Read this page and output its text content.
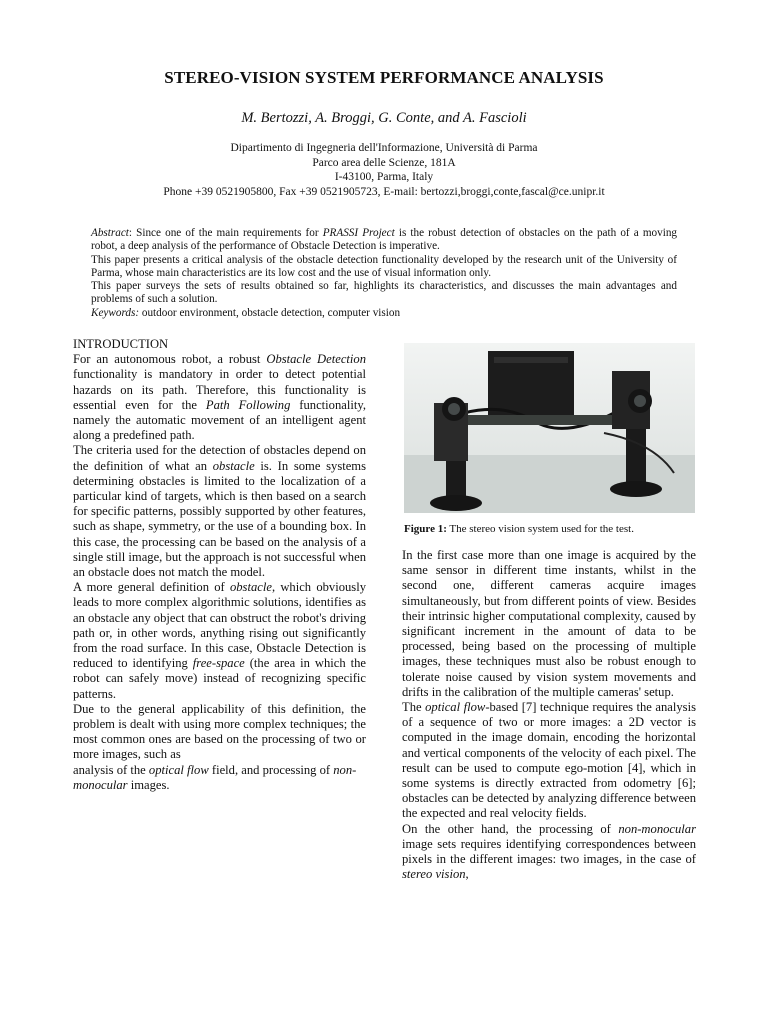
STEREO-VISION SYSTEM PERFORMANCE ANALYSIS
M. Bertozzi, A. Broggi, G. Conte, and A. Fascioli
Dipartimento di Ingegneria dell'Informazione, Università di Parma
Parco area delle Scienze, 181A
I-43100, Parma, Italy
Phone +39 0521905800, Fax +39 0521905723, E-mail: bertozzi,broggi,conte,fascal@ce.unipr.it

Abstract: Since one of the main requirements for PRASSI Project is the robust detection of obstacles on the path of a moving robot, a deep analysis of the performance of Obstacle Detection is imperative.

This paper presents a critical analysis of the obstacle detection functionality developed by the research unit of the University of Parma, whose main characteristics are its low cost and the use of visual information only.

This paper surveys the sets of results obtained so far, highlights its characteristics, and discusses the main advantages and problems of such a solution.

Keywords: outdoor environment, obstacle detection, computer vision

INTRODUCTION

For an autonomous robot, a robust Obstacle Detection functionality is mandatory in order to detect potential hazards on its path. Therefore, this functionality is essential even for the Path Following functionality, namely the automatic movement of an intelligent agent along a predefined path.

The criteria used for the detection of obstacles depend on the definition of what an obstacle is. In some systems determining obstacles is limited to the localization of a particular kind of targets, which is then based on a search for specific patterns, possibly supported by other features, such as shape, symmetry, or the use of a bounding box. In this case, the processing can be based on the analysis of a single still image, but the approach is not successful when an obstacle does not match the model.

A more general definition of obstacle, which obviously leads to more complex algorithmic solutions, identifies as an obstacle any object that can obstruct the robot's driving path or, in other words, anything rising out significantly from the road surface. In this case, Obstacle Detection is reduced to identifying free-space (the area in which the robot can safely move) instead of recognizing specific patterns.

Due to the general applicability of this definition, the problem is dealt with using more complex techniques; the most common ones are based on the processing of two or more images, such as

analysis of the optical flow field, and processing of non-monocular images.

Figure 1: The stereo vision system used for the test.

In the first case more than one image is acquired by the same sensor in different time instants, whilst in the second one, different cameras acquire images simultaneously, but from different points of view. Besides their intrinsic higher computational complexity, caused by significant increment in the amount of data to be processed, being based on the processing of multiple images, these techniques must also be robust enough to tolerate noise caused by vision system movements and drifts in the calibration of the multiple cameras' setup.

The optical flow-based [7] technique requires the analysis of a sequence of two or more images: a 2D vector is computed in the image domain, encoding the horizontal and vertical components of the velocity of each pixel. The result can be used to compute ego-motion [4], which in some systems is directly extracted from odometry [6]; obstacles can be detected by analyzing difference between the expected and real velocity fields.

On the other hand, the processing of non-monocular image sets requires identifying correspondences between pixels in the different images: two images, in the case of stereo vision,
